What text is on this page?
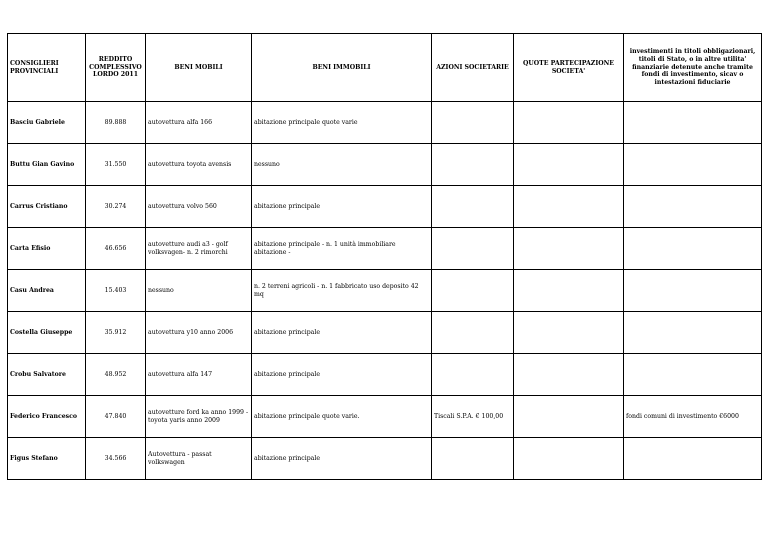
CONSIGLIERI PROVINCIALI	REDDITO COMPLESSIVO LORDO 2011	BENI MOBILI	BENI IMMOBILI	AZIONI SOCIETARIE	QUOTE PARTECIPAZIONE SOCIETA'	investimenti in titoli obbligazionari, titoli di Stato, o in altre utilita' finanziarie detenute anche tramite fondi di investimento, sicav o intestazioni fiduciarie
Basciu Gabriele	89.888	autovettura alfa 166	abitazione principale quote varie			
Buttu Gian Gavino	31.550	autovettura toyota avensis	nessuno			
Carrus Cristiano	30.274	autovettura volvo 560	abitazione principale			
Carta Efisio	46.656	autovetture audi a3 - golf volksvagen- n. 2 rimorchi	abitazione principale - n. 1 unità immobiliare abitazione -			
Casu Andrea	15.403	nessuno	n. 2 terreni agricoli - n. 1 fabbricato uso deposito 42 mq			
Costella Giuseppe	35.912	autovettura y10 anno 2006	abitazione principale			
Crobu Salvatore	48.952	autovettura alfa 147	abitazione principale			
Federico Francesco	47.840	autovetture ford ka anno 1999 - toyota yaris anno 2009	abitazione principale quote varie.	Tiscali S.P.A. € 100,00		fondi comuni di investimento €6000
Figus Stefano	34.566	Autovettura - passat volkswagen	abitazione principale			
